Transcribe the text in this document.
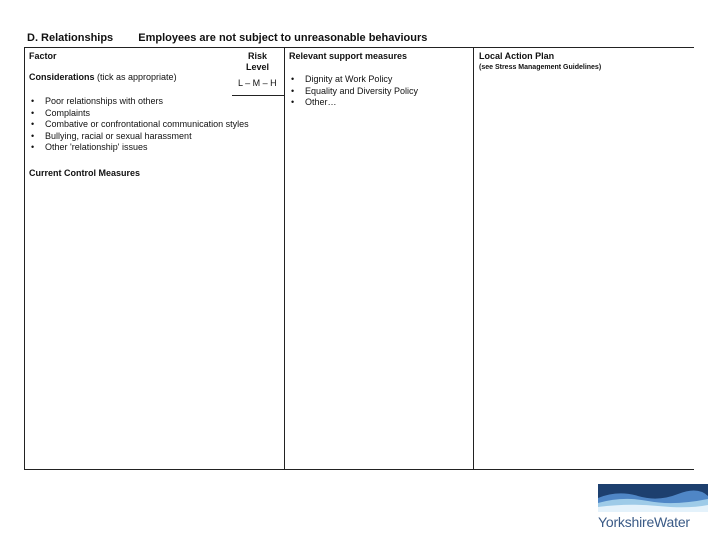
D. Relationships Employees are not subject to unreasonable behaviours
Factor
Considerations (tick as appropriate)
• Poor relationships with others
• Complaints
• Combative or confrontational communication styles
• Bullying, racial or sexual harassment
• Other 'relationship' issues
Current Control Measures
Risk
Level
L – M – H
Relevant support measures
• Dignity at Work Policy
• Equality and Diversity Policy
• Other…
Local Action Plan
(see Stress Management Guidelines)
YorkshireWater
